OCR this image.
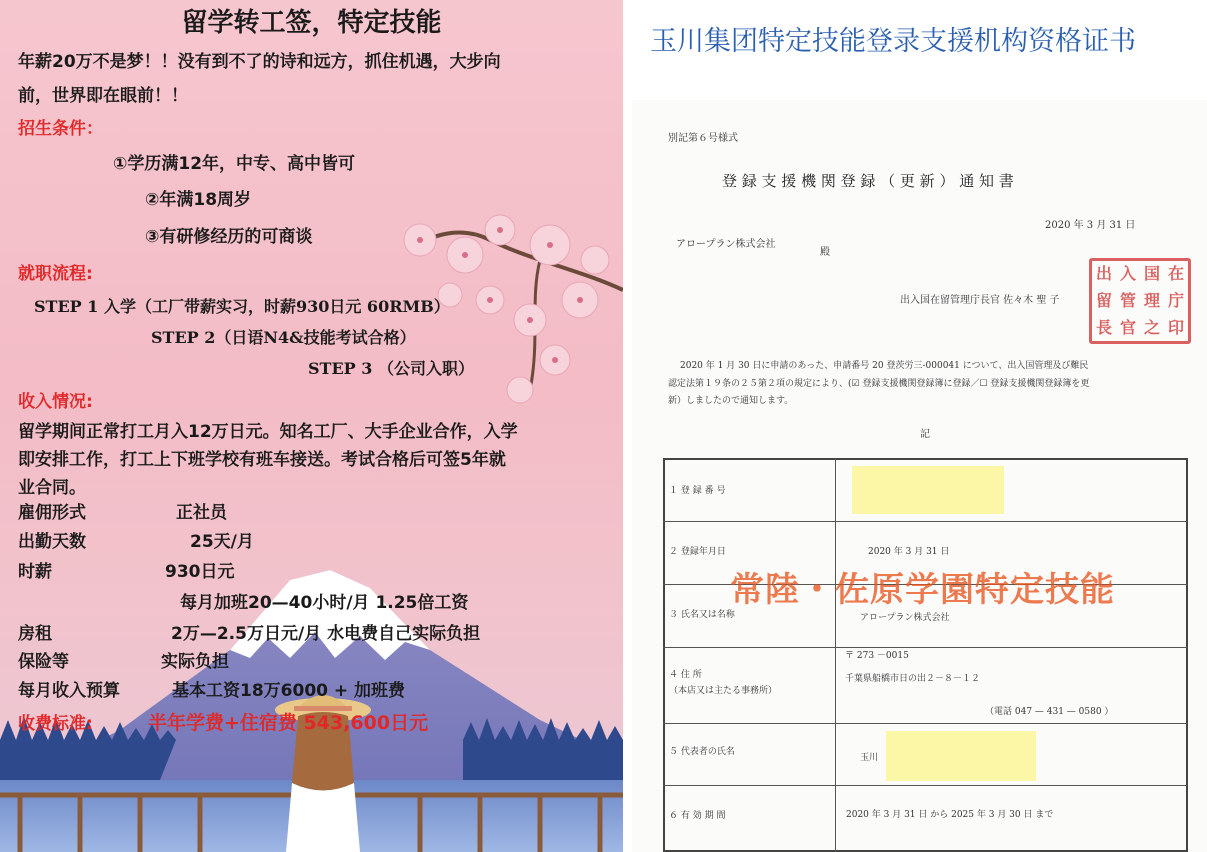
留学转工签，特定技能
年薪20万不是梦！！没有到不了的诗和远方，抓住机遇，大步向
前，世界即在眼前！！
招生条件：
①学历满12年，中专、高中皆可
②年满18周岁
③有研修经历的可商谈
就职流程:
STEP 1 入学（工厂带薪实习，时薪930日元 60RMB）
STEP 2（日语N4&技能考试合格）
STEP 3 （公司入职）
收入情况:
留学期间正常打工月入12万日元。知名工厂、大手企业合作，入学
即安排工作，打工上下班学校有班车接送。考试合格后可签5年就
业合同。
雇佣形式	正社员
出勤天数	25天/月
时薪	930日元
每月加班20—40小时/月 1.25倍工资
房租	2万—2.5万日元/月 水电费自己实际负担
保险等	实际负担
每月收入预算	基本工资18万6000 + 加班费
收费标准:	半年学费+住宿费 543,600日元
玉川集团特定技能登录支援机构资格证书
別記第６号様式
登 録 支 援 機 関 登 録 （ 更 新 ） 通 知 書
2020 年 3 月 31 日
アロープラン株式会社
殿
出入国在留管理庁長官 佐々木 聖 子
出 入 国 在
留 管 理 庁
長 官 之 印
2020 年 1 月 30 日に申請のあった、申請番号 20 登茨労三-000041 について、出入国管理及び難民
認定法第１９条の２５第２項の規定により、(☑ 登録支援機関登録簿に登録／☐ 登録支援機関登録簿を更
新）しましたので通知します。
記
１ 登 録 番 号
２ 登録年月日	2020 年 3 月 31 日
３ 氏名又は名称	アロープラン株式会社
４ 住 所
（本店又は主たる事務所）
〒 273 －0015
千葉県船橋市日の出２－８－１２
（電話 047 — 431 — 0580 ）
５ 代表者の氏名
玉川
６ 有 効 期 間	2020 年 3 月 31 日 から 2025 年 3 月 30 日 まで
常陸・佐原学園特定技能
